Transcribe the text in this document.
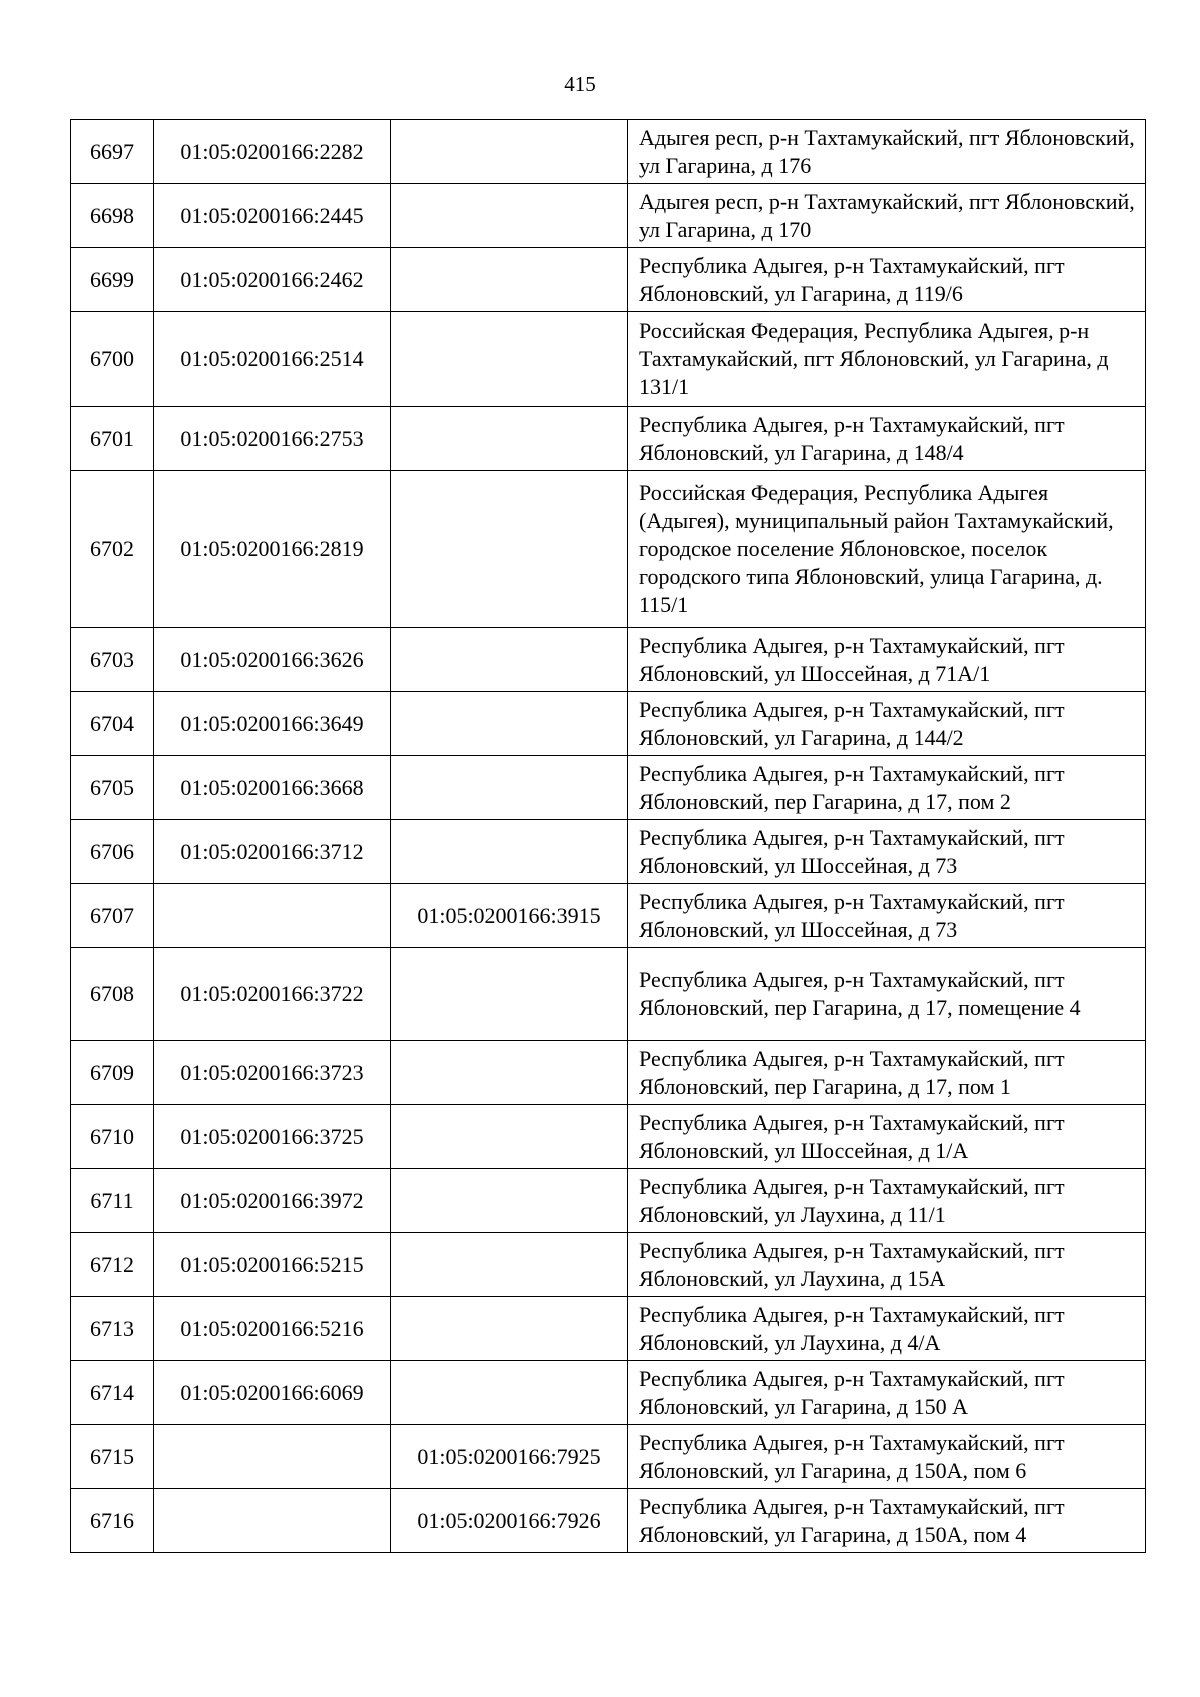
415
6697	01:05:0200166:2282		Адыгея респ, р-н Тахтамукайский, пгт Яблоновский, ул Гагарина, д 176
6698	01:05:0200166:2445		Адыгея респ, р-н Тахтамукайский, пгт Яблоновский, ул Гагарина, д 170
6699	01:05:0200166:2462		Республика Адыгея, р-н Тахтамукайский, пгт Яблоновский, ул Гагарина, д 119/6
6700	01:05:0200166:2514		Российская Федерация, Республика Адыгея, р-н Тахтамукайский, пгт Яблоновский, ул Гагарина, д 131/1
6701	01:05:0200166:2753		Республика Адыгея, р-н Тахтамукайский, пгт Яблоновский, ул Гагарина, д 148/4
6702	01:05:0200166:2819		Российская Федерация, Республика Адыгея (Адыгея), муниципальный район Тахтамукайский, городское поселение Яблоновское, поселок городского типа Яблоновский, улица Гагарина, д. 115/1
6703	01:05:0200166:3626		Республика Адыгея, р-н Тахтамукайский, пгт Яблоновский, ул Шоссейная, д 71А/1
6704	01:05:0200166:3649		Республика Адыгея, р-н Тахтамукайский, пгт Яблоновский, ул Гагарина, д 144/2
6705	01:05:0200166:3668		Республика Адыгея, р-н Тахтамукайский, пгт Яблоновский, пер Гагарина, д 17, пом 2
6706	01:05:0200166:3712		Республика Адыгея, р-н Тахтамукайский, пгт Яблоновский, ул Шоссейная, д 73
6707		01:05:0200166:3915	Республика Адыгея, р-н Тахтамукайский, пгт Яблоновский, ул Шоссейная, д 73
6708	01:05:0200166:3722		Республика Адыгея, р-н Тахтамукайский, пгт Яблоновский, пер Гагарина, д 17, помещение 4
6709	01:05:0200166:3723		Республика Адыгея, р-н Тахтамукайский, пгт Яблоновский, пер Гагарина, д 17, пом 1
6710	01:05:0200166:3725		Республика Адыгея, р-н Тахтамукайский, пгт Яблоновский, ул Шоссейная, д 1/А
6711	01:05:0200166:3972		Республика Адыгея, р-н Тахтамукайский, пгт Яблоновский, ул Лаухина, д 11/1
6712	01:05:0200166:5215		Республика Адыгея, р-н Тахтамукайский, пгт Яблоновский, ул Лаухина, д 15А
6713	01:05:0200166:5216		Республика Адыгея, р-н Тахтамукайский, пгт Яблоновский, ул Лаухина, д 4/А
6714	01:05:0200166:6069		Республика Адыгея, р-н Тахтамукайский, пгт Яблоновский, ул Гагарина, д 150 А
6715		01:05:0200166:7925	Республика Адыгея, р-н Тахтамукайский, пгт Яблоновский, ул Гагарина, д 150А, пом 6
6716		01:05:0200166:7926	Республика Адыгея, р-н Тахтамукайский, пгт Яблоновский, ул Гагарина, д 150А, пом 4
